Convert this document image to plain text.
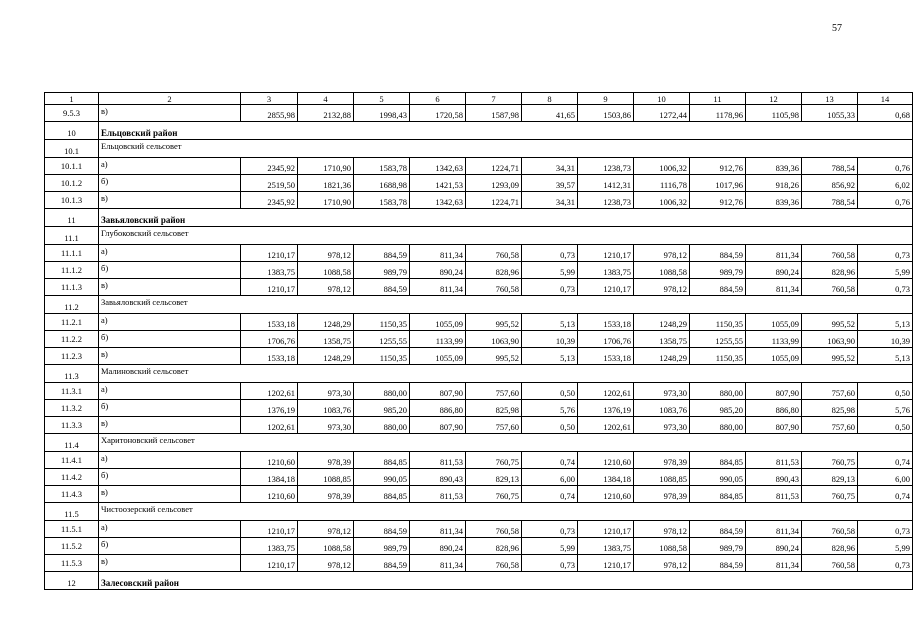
57
1	2	3	4	5	6	7	8	9	10	11	12	13	14
9.5.3	в)	2855,98	2132,88	1998,43	1720,58	1587,98	41,65	1503,86	1272,44	1178,96	1105,98	1055,33	0,68
10	Ельцовский район												
10.1	Ельцовский сельсовет												
10.1.1	а)	2345,92	1710,90	1583,78	1342,63	1224,71	34,31	1238,73	1006,32	912,76	839,36	788,54	0,76
10.1.2	б)	2519,50	1821,36	1688,98	1421,53	1293,09	39,57	1412,31	1116,78	1017,96	918,26	856,92	6,02
10.1.3	в)	2345,92	1710,90	1583,78	1342,63	1224,71	34,31	1238,73	1006,32	912,76	839,36	788,54	0,76
11	Завьяловский район												
11.1	Глубоковский сельсовет												
11.1.1	а)	1210,17	978,12	884,59	811,34	760,58	0,73	1210,17	978,12	884,59	811,34	760,58	0,73
11.1.2	б)	1383,75	1088,58	989,79	890,24	828,96	5,99	1383,75	1088,58	989,79	890,24	828,96	5,99
11.1.3	в)	1210,17	978,12	884,59	811,34	760,58	0,73	1210,17	978,12	884,59	811,34	760,58	0,73
11.2	Завьяловский сельсовет												
11.2.1	а)	1533,18	1248,29	1150,35	1055,09	995,52	5,13	1533,18	1248,29	1150,35	1055,09	995,52	5,13
11.2.2	б)	1706,76	1358,75	1255,55	1133,99	1063,90	10,39	1706,76	1358,75	1255,55	1133,99	1063,90	10,39
11.2.3	в)	1533,18	1248,29	1150,35	1055,09	995,52	5,13	1533,18	1248,29	1150,35	1055,09	995,52	5,13
11.3	Малиновский сельсовет												
11.3.1	а)	1202,61	973,30	880,00	807,90	757,60	0,50	1202,61	973,30	880,00	807,90	757,60	0,50
11.3.2	б)	1376,19	1083,76	985,20	886,80	825,98	5,76	1376,19	1083,76	985,20	886,80	825,98	5,76
11.3.3	в)	1202,61	973,30	880,00	807,90	757,60	0,50	1202,61	973,30	880,00	807,90	757,60	0,50
11.4	Харитоновский сельсовет												
11.4.1	а)	1210,60	978,39	884,85	811,53	760,75	0,74	1210,60	978,39	884,85	811,53	760,75	0,74
11.4.2	б)	1384,18	1088,85	990,05	890,43	829,13	6,00	1384,18	1088,85	990,05	890,43	829,13	6,00
11.4.3	в)	1210,60	978,39	884,85	811,53	760,75	0,74	1210,60	978,39	884,85	811,53	760,75	0,74
11.5	Чистоозерский сельсовет												
11.5.1	а)	1210,17	978,12	884,59	811,34	760,58	0,73	1210,17	978,12	884,59	811,34	760,58	0,73
11.5.2	б)	1383,75	1088,58	989,79	890,24	828,96	5,99	1383,75	1088,58	989,79	890,24	828,96	5,99
11.5.3	в)	1210,17	978,12	884,59	811,34	760,58	0,73	1210,17	978,12	884,59	811,34	760,58	0,73
12	Залесовский район												
